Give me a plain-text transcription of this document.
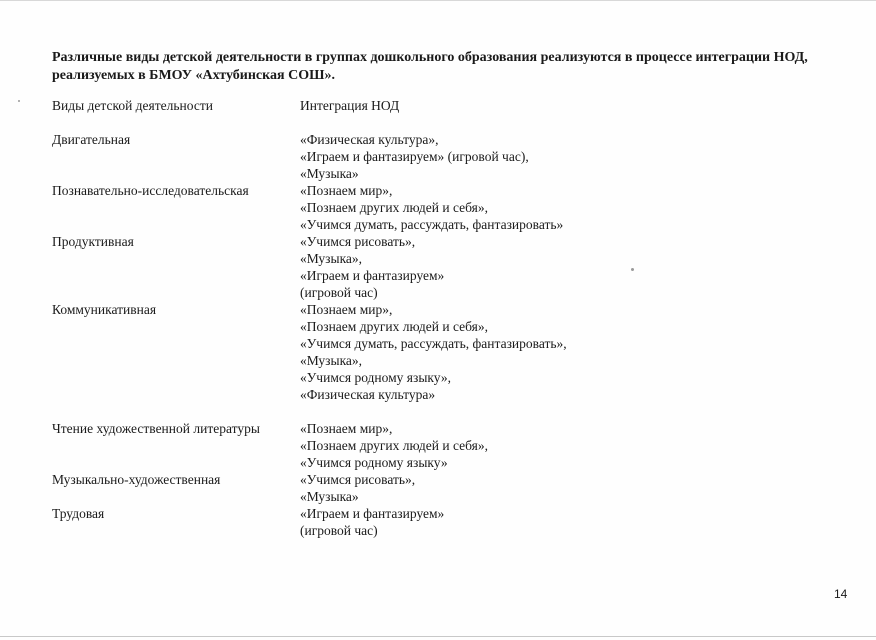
Различные виды детской деятельности в группах дошкольного образования реализуются в процессе интеграции НОД, реализуемых в БМОУ «Ахтубинская СОШ».

Виды детской деятельности	Интеграция НОД
Двигательная	«Физическая культура»,
«Играем и фантазируем» (игровой час),
«Музыка»
Познавательно-исследовательская	«Познаем мир»,
«Познаем других людей и себя»,
«Учимся думать, рассуждать, фантазировать»
Продуктивная	«Учимся рисовать»,
«Музыка»,
«Играем и фантазируем»
(игровой час)
Коммуникативная	«Познаем мир»,
«Познаем других людей и себя»,
«Учимся думать, рассуждать, фантазировать»,
«Музыка»,
«Учимся родному языку»,
«Физическая культура»
Чтение художественной литературы	«Познаем мир»,
«Познаем других людей и себя»,
«Учимся родному языку»
Музыкально-художественная	«Учимся рисовать»,
«Музыка»
Трудовая	«Играем и фантазируем»
(игровой час)
14
